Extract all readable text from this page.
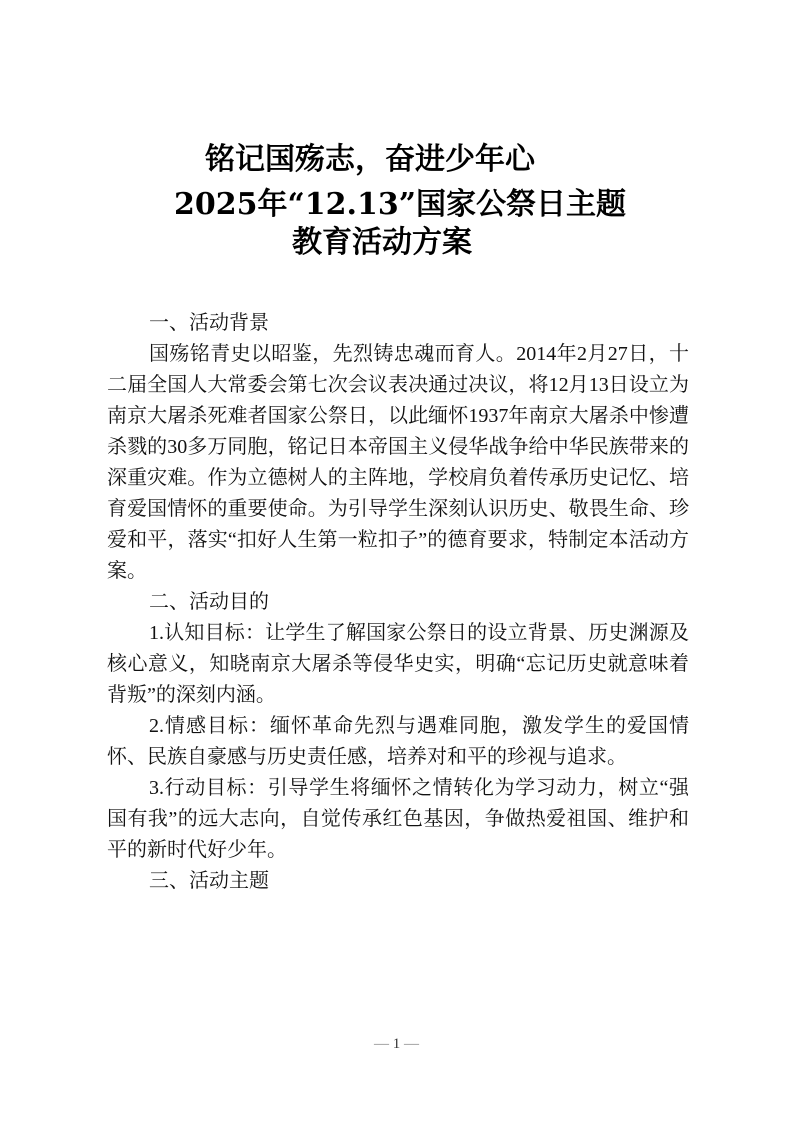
铭记国殇志，奋进少年心
2025年“12.13”国家公祭日主题
教育活动方案
一、活动背景

国殇铭青史以昭鉴，先烈铸忠魂而育人。2014年2月27日，十二届全国人大常委会第七次会议表决通过决议，将12月13日设立为南京大屠杀死难者国家公祭日，以此缅怀1937年南京大屠杀中惨遭杀戮的30多万同胞，铭记日本帝国主义侵华战争给中华民族带来的深重灾难。作为立德树人的主阵地，学校肩负着传承历史记忆、培育爱国情怀的重要使命。为引导学生深刻认识历史、敬畏生命、珍爱和平，落实“扣好人生第一粒扣子”的德育要求，特制定本活动方案。

二、活动目的

1.认知目标：让学生了解国家公祭日的设立背景、历史渊源及核心意义，知晓南京大屠杀等侵华史实，明确“忘记历史就意味着背叛”的深刻内涵。

2.情感目标：缅怀革命先烈与遇难同胞，激发学生的爱国情怀、民族自豪感与历史责任感，培养对和平的珍视与追求。

3.行动目标：引导学生将缅怀之情转化为学习动力，树立“强国有我”的远大志向，自觉传承红色基因，争做热爱祖国、维护和平的新时代好少年。

三、活动主题
— 1 —
